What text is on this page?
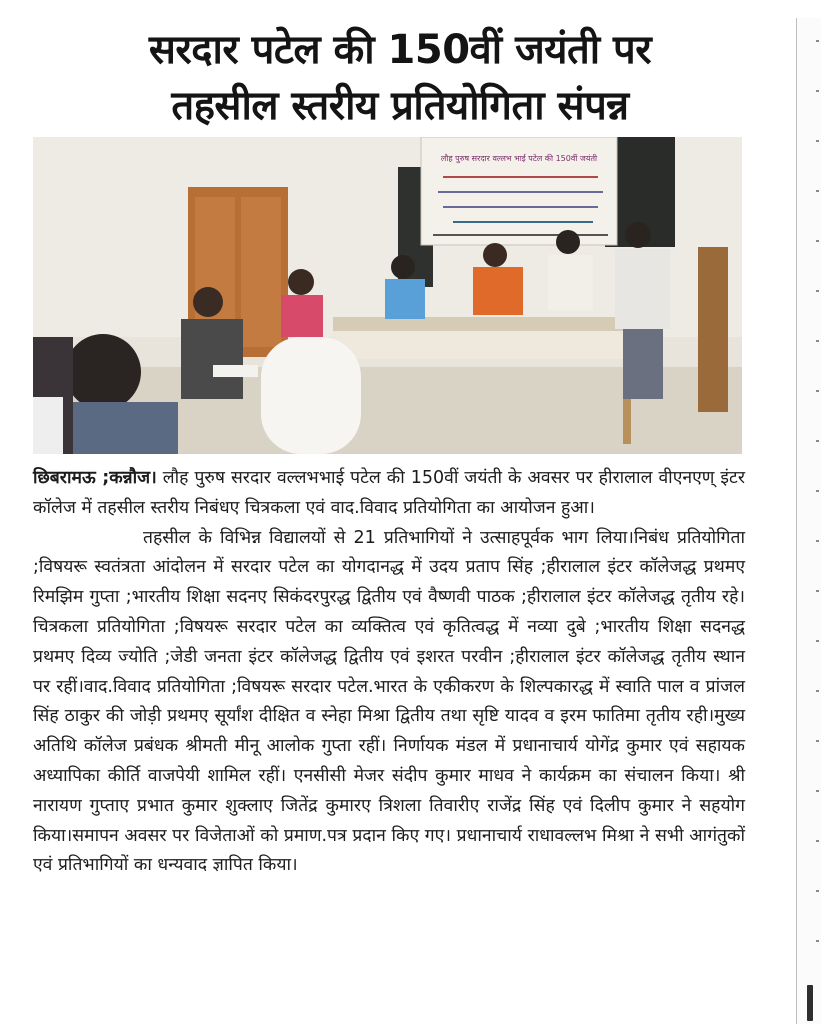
सरदार पटेल की 150वीं जयंती पर
तहसील स्तरीय प्रतियोगिता संपन्न
लौह पुरुष सरदार वल्लभ भाई पटेल की 150वीं जयंती

छिबरामऊ ;कन्नौज। लौह पुरुष सरदार वल्लभभाई पटेल की 150वीं जयंती के अवसर पर हीरालाल वीएनएण् इंटर कॉलेज में तहसील स्तरीय निबंधए चित्रकला एवं वाद.विवाद प्रतियोगिता का आयोजन हुआ।

तहसील के विभिन्न विद्यालयों से 21 प्रतिभागियों ने उत्साहपूर्वक भाग लिया।निबंध प्रतियोगिता ;विषयरू स्वतंत्रता आंदोलन में सरदार पटेल का योगदानद्ध में उदय प्रताप सिंह ;हीरालाल इंटर कॉलेजद्ध प्रथमए रिमझिम गुप्ता ;भारतीय शिक्षा सदनए सिकंदरपुरद्ध द्वितीय एवं वैष्णवी पाठक ;हीरालाल इंटर कॉलेजद्ध तृतीय रहे।चित्रकला प्रतियोगिता ;विषयरू सरदार पटेल का व्यक्तित्व एवं कृतित्वद्ध में नव्या दुबे ;भारतीय शिक्षा सदनद्ध प्रथमए दिव्य ज्योति ;जेडी जनता इंटर कॉलेजद्ध द्वितीय एवं इशरत परवीन ;हीरालाल इंटर कॉलेजद्ध तृतीय स्थान पर रहीं।वाद.विवाद प्रतियोगिता ;विषयरू सरदार पटेल.भारत के एकीकरण के शिल्पकारद्ध में स्वाति पाल व प्रांजल सिंह ठाकुर की जोड़ी प्रथमए सूर्यांश दीक्षित व स्नेहा मिश्रा द्वितीय तथा सृष्टि यादव व इरम फातिमा तृतीय रही।मुख्य अतिथि कॉलेज प्रबंधक श्रीमती मीनू आलोक गुप्ता रहीं। निर्णायक मंडल में प्रधानाचार्य योगेंद्र कुमार एवं सहायक अध्यापिका कीर्ति वाजपेयी शामिल रहीं। एनसीसी मेजर संदीप कुमार माधव ने कार्यक्रम का संचालन किया। श्री नारायण गुप्ताए प्रभात कुमार शुक्लाए जितेंद्र कुमारए त्रिशला तिवारीए राजेंद्र सिंह एवं दिलीप कुमार ने सहयोग किया।समापन अवसर पर विजेताओं को प्रमाण.पत्र प्रदान किए गए। प्रधानाचार्य राधावल्लभ मिश्रा ने सभी आगंतुकों एवं प्रतिभागियों का धन्यवाद ज्ञापित किया।
